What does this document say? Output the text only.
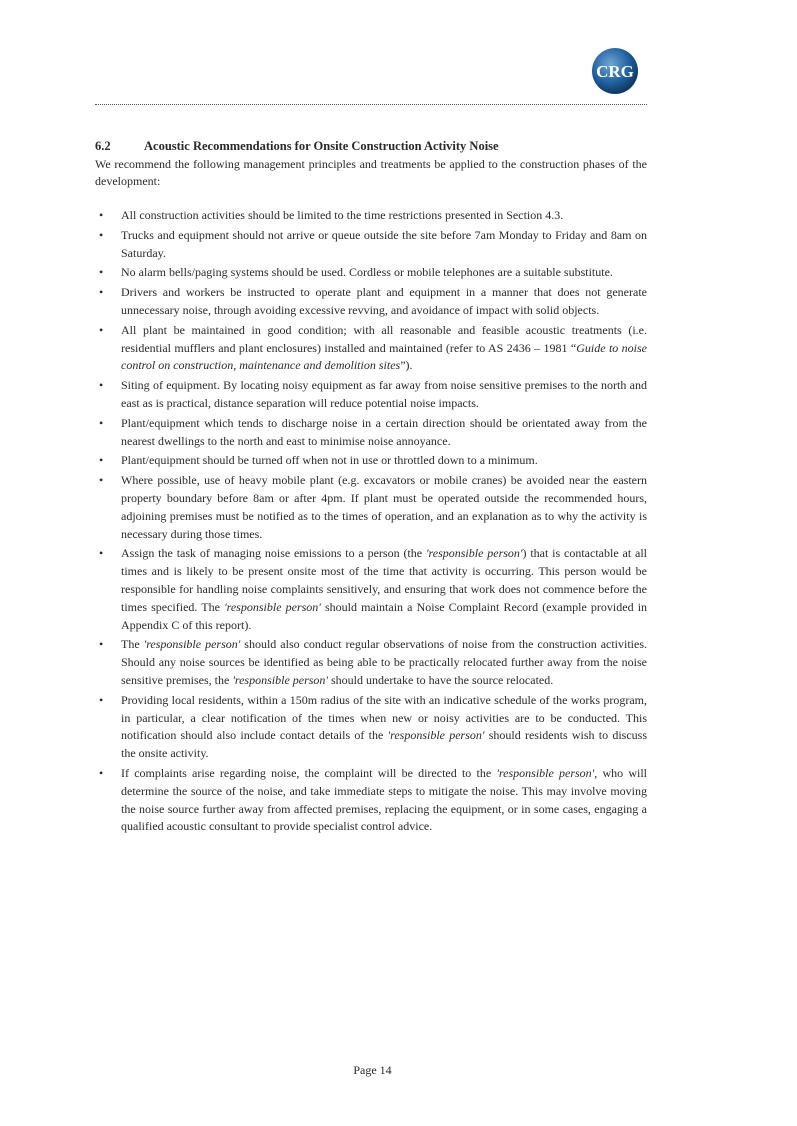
CRG
6.2	Acoustic Recommendations for Onsite Construction Activity Noise

We recommend the following management principles and treatments be applied to the construction phases of the development:

• All construction activities should be limited to the time restrictions presented in Section 4.3.
• Trucks and equipment should not arrive or queue outside the site before 7am Monday to Friday and 8am on Saturday.
• No alarm bells/paging systems should be used. Cordless or mobile telephones are a suitable substitute.
• Drivers and workers be instructed to operate plant and equipment in a manner that does not generate unnecessary noise, through avoiding excessive revving, and avoidance of impact with solid objects.
• All plant be maintained in good condition; with all reasonable and feasible acoustic treatments (i.e. residential mufflers and plant enclosures) installed and maintained (refer to AS 2436 – 1981 “Guide to noise control on construction, maintenance and demolition sites”).
• Siting of equipment. By locating noisy equipment as far away from noise sensitive premises to the north and east as is practical, distance separation will reduce potential noise impacts.
• Plant/equipment which tends to discharge noise in a certain direction should be orientated away from the nearest dwellings to the north and east to minimise noise annoyance.
• Plant/equipment should be turned off when not in use or throttled down to a minimum.
• Where possible, use of heavy mobile plant (e.g. excavators or mobile cranes) be avoided near the eastern property boundary before 8am or after 4pm. If plant must be operated outside the recommended hours, adjoining premises must be notified as to the times of operation, and an explanation as to why the activity is necessary during those times.
• Assign the task of managing noise emissions to a person (the 'responsible person') that is contactable at all times and is likely to be present onsite most of the time that activity is occurring. This person would be responsible for handling noise complaints sensitively, and ensuring that work does not commence before the times specified. The 'responsible person' should maintain a Noise Complaint Record (example provided in Appendix C of this report).
• The 'responsible person' should also conduct regular observations of noise from the construction activities. Should any noise sources be identified as being able to be practically relocated further away from the noise sensitive premises, the 'responsible person' should undertake to have the source relocated.
• Providing local residents, within a 150m radius of the site with an indicative schedule of the works program, in particular, a clear notification of the times when new or noisy activities are to be conducted. This notification should also include contact details of the 'responsible person' should residents wish to discuss the onsite activity.
• If complaints arise regarding noise, the complaint will be directed to the 'responsible person', who will determine the source of the noise, and take immediate steps to mitigate the noise. This may involve moving the noise source further away from affected premises, replacing the equipment, or in some cases, engaging a qualified acoustic consultant to provide specialist control advice.
Page 14
